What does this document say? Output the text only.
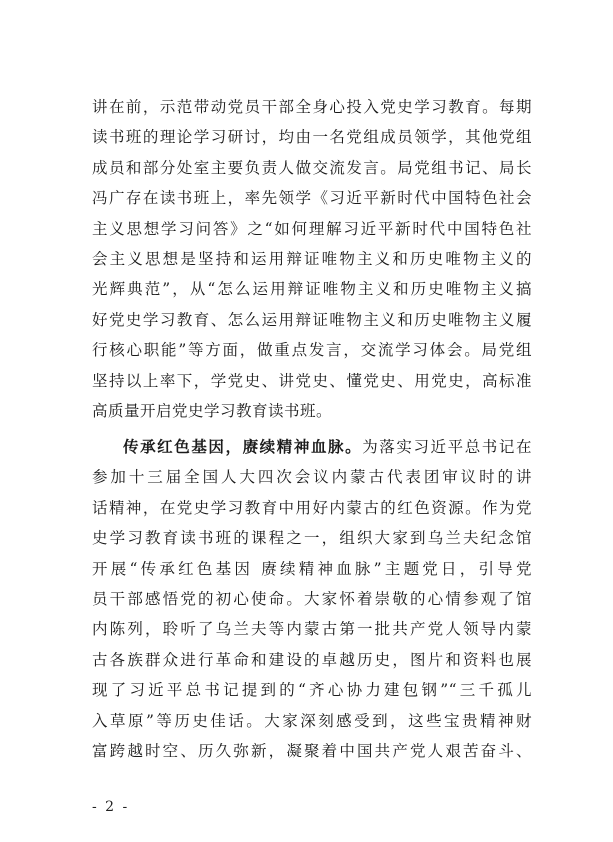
讲在前，示范带动党员干部全身心投入党史学习教育。每期
读书班的理论学习研讨，均由一名党组成员领学，其他党组
成员和部分处室主要负责人做交流发言。局党组书记、局长
冯广存在读书班上，率先领学《习近平新时代中国特色社会
主义思想学习问答》之“如何理解习近平新时代中国特色社
会主义思想是坚持和运用辩证唯物主义和历史唯物主义的
光辉典范”，从“怎么运用辩证唯物主义和历史唯物主义搞
好党史学习教育、怎么运用辩证唯物主义和历史唯物主义履
行核心职能”等方面，做重点发言，交流学习体会。局党组
坚持以上率下，学党史、讲党史、懂党史、用党史，高标准
高质量开启党史学习教育读书班。
传承红色基因，赓续精神血脉。为落实习近平总书记在
参加十三届全国人大四次会议内蒙古代表团审议时的讲
话精神，在党史学习教育中用好内蒙古的红色资源。作为党
史学习教育读书班的课程之一，组织大家到乌兰夫纪念馆
开展“传承红色基因 赓续精神血脉”主题党日，引导党
员干部感悟党的初心使命。大家怀着崇敬的心情参观了馆
内陈列，聆听了乌兰夫等内蒙古第一批共产党人领导内蒙
古各族群众进行革命和建设的卓越历史，图片和资料也展
现了习近平总书记提到的“齐心协力建包钢”“三千孤儿
入草原”等历史佳话。大家深刻感受到，这些宝贵精神财
富跨越时空、历久弥新，凝聚着中国共产党人艰苦奋斗、
- 2 -
